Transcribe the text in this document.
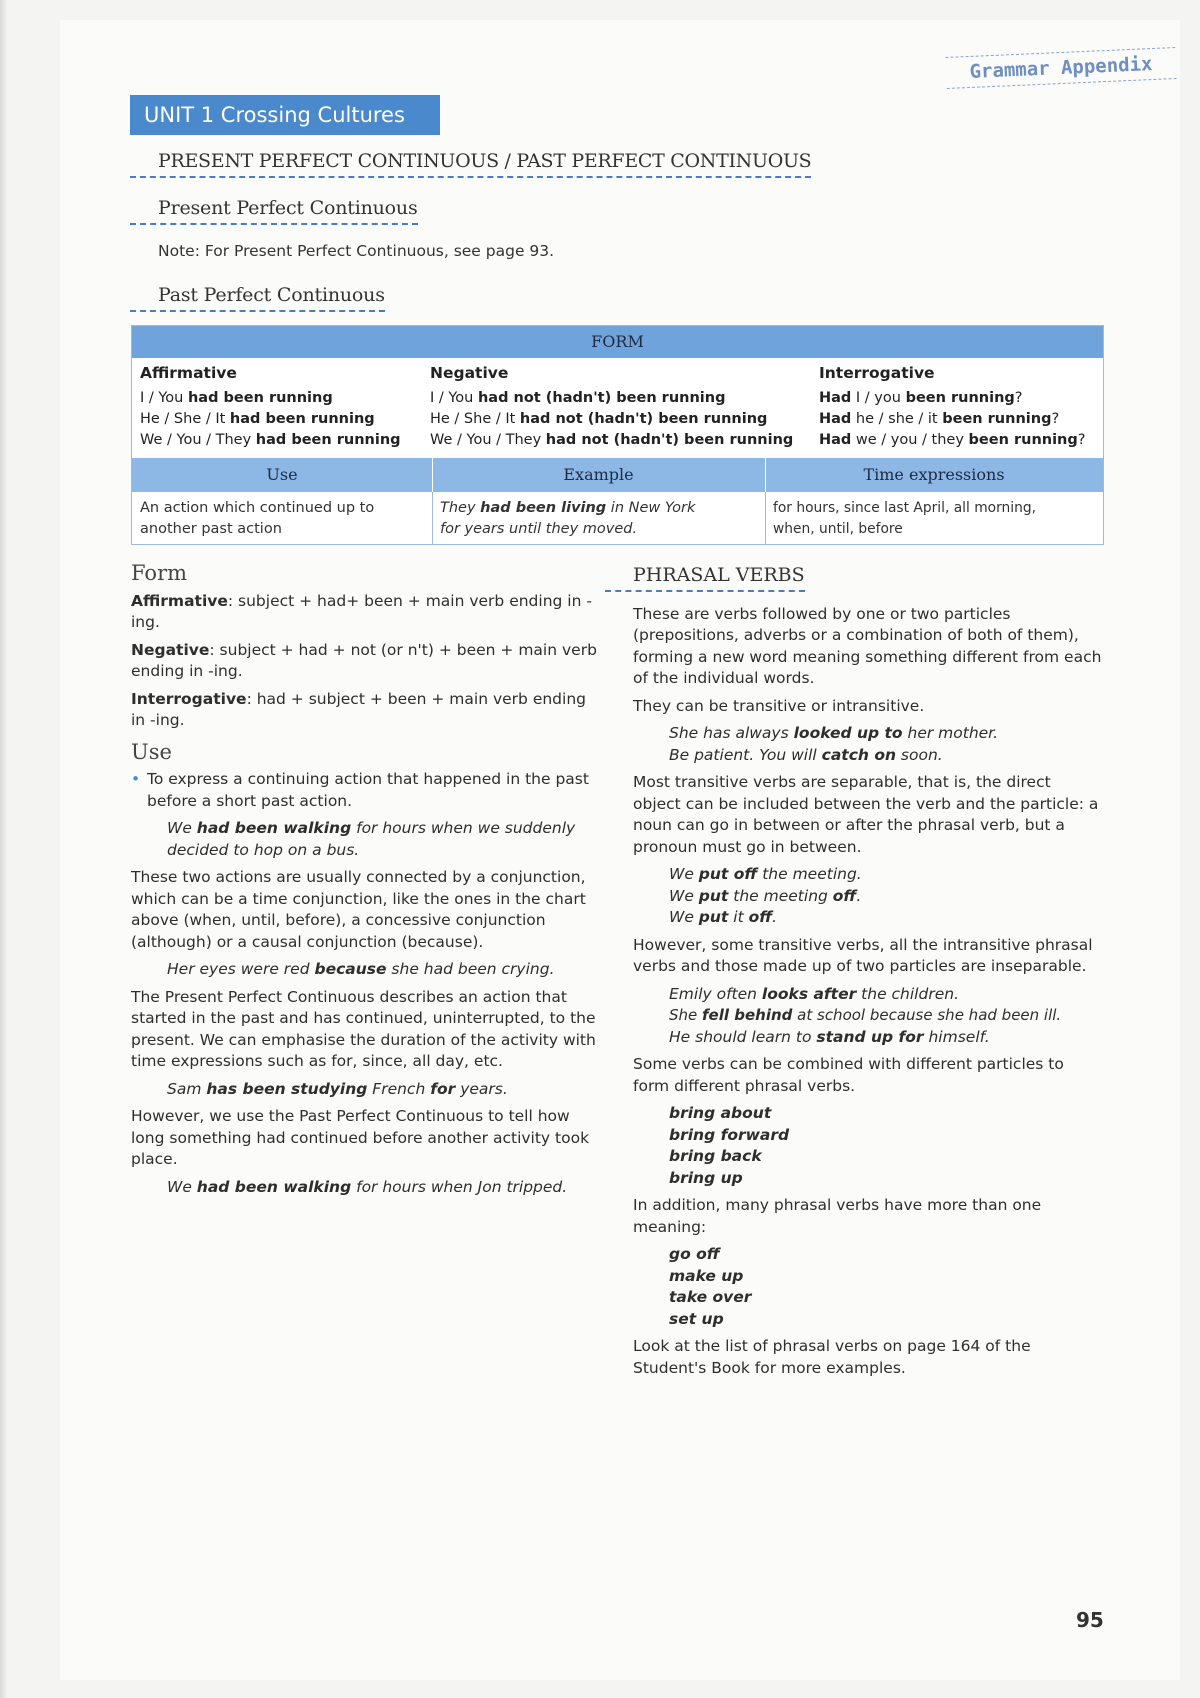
Grammar Appendix
UNIT 1 Crossing Cultures
PRESENT PERFECT CONTINUOUS / PAST PERFECT CONTINUOUS
Present Perfect Continuous
Note: For Present Perfect Continuous, see page 93.
Past Perfect Continuous
FORM
Affirmative
I / You had been running
He / She / It had been running
We / You / They had been running
Negative
I / You had not (hadn't) been running
He / She / It had not (hadn't) been running
We / You / They had not (hadn't) been running
Interrogative
Had I / you been running?
Had he / she / it been running?
Had we / you / they been running?
Use	Example	Time expressions
An action which continued up to
another past action
They had been living in New York
for years until they moved.
for hours, since last April, all morning,
when, until, before
Form

Affirmative: subject + had+ been + main verb ending in -ing.

Negative: subject + had + not (or n't) + been + main verb ending in -ing.

Interrogative: had + subject + been + main verb ending in -ing.

Use

• To express a continuing action that happened in the past before a short past action.

We had been walking for hours when we suddenly decided to hop on a bus.

These two actions are usually connected by a conjunction, which can be a time conjunction, like the ones in the chart above (when, until, before), a concessive conjunction (although) or a causal conjunction (because).

Her eyes were red because she had been crying.

The Present Perfect Continuous describes an action that started in the past and has continued, uninterrupted, to the present. We can emphasise the duration of the activity with time expressions such as for, since, all day, etc.

Sam has been studying French for years.

However, we use the Past Perfect Continuous to tell how long something had continued before another activity took place.

We had been walking for hours when Jon tripped.

PHRASAL VERBS

These are verbs followed by one or two particles (prepositions, adverbs or a combination of both of them), forming a new word meaning something different from each of the individual words.

They can be transitive or intransitive.

She has always looked up to her mother.

Be patient. You will catch on soon.

Most transitive verbs are separable, that is, the direct object can be included between the verb and the particle: a noun can go in between or after the phrasal verb, but a pronoun must go in between.

We put off the meeting.

We put the meeting off.

We put it off.

However, some transitive verbs, all the intransitive phrasal verbs and those made up of two particles are inseparable.

Emily often looks after the children.

She fell behind at school because she had been ill.

He should learn to stand up for himself.

Some verbs can be combined with different particles to form different phrasal verbs.

bring about

bring forward

bring back

bring up

In addition, many phrasal verbs have more than one meaning:

go off

make up

take over

set up

Look at the list of phrasal verbs on page 164 of the Student's Book for more examples.

95
